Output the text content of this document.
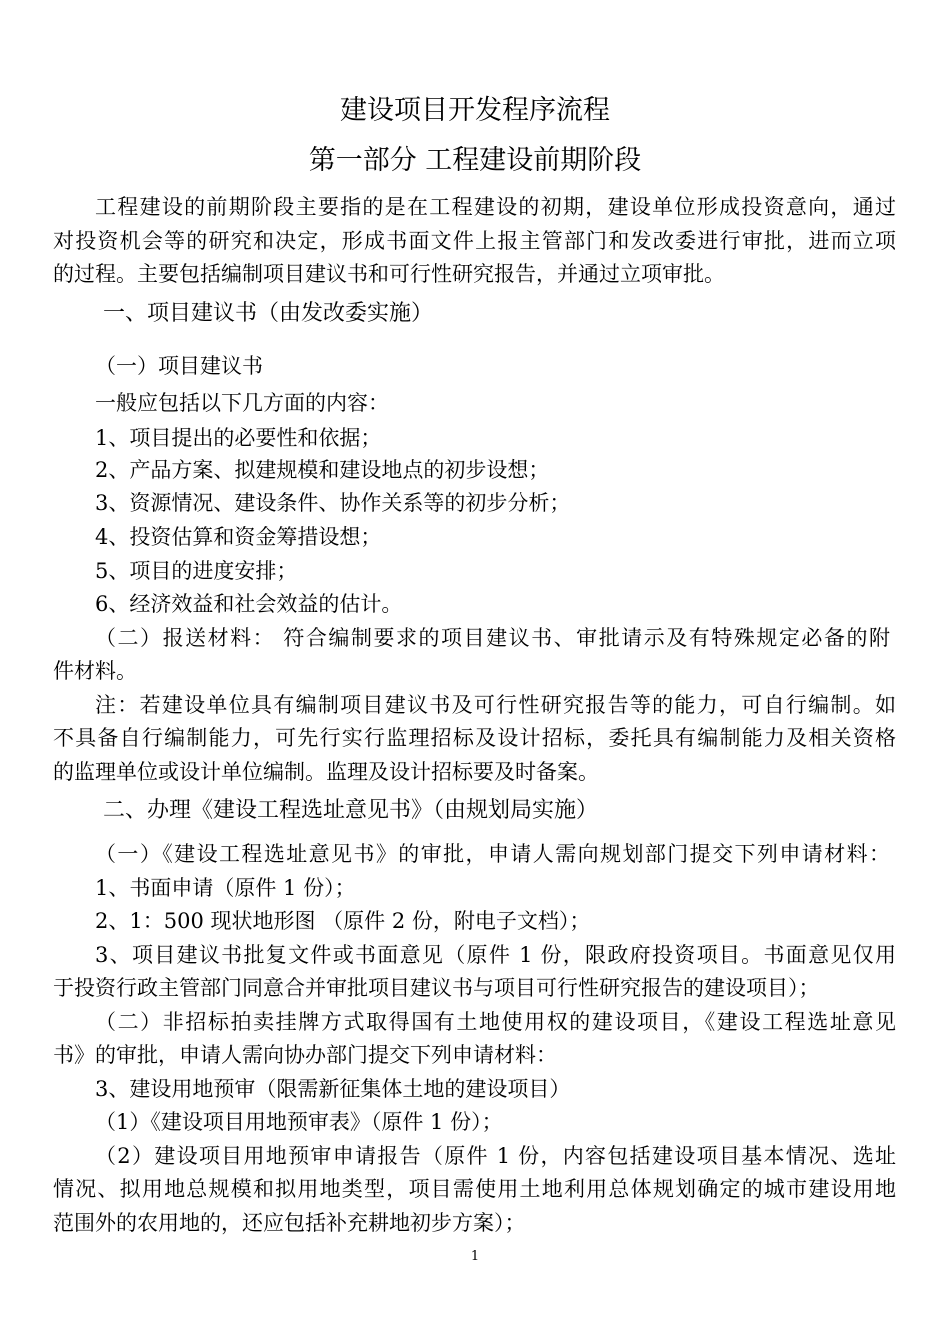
建设项目开发程序流程
第一部分 工程建设前期阶段
工程建设的前期阶段主要指的是在工程建设的初期，建设单位形成投资意向，通过
对投资机会等的研究和决定，形成书面文件上报主管部门和发改委进行审批，进而立项
的过程。主要包括编制项目建议书和可行性研究报告，并通过立项审批。
一、项目建议书（由发改委实施）
（一）项目建议书
一般应包括以下几方面的内容：
1、项目提出的必要性和依据；
2、产品方案、拟建规模和建设地点的初步设想；
3、资源情况、建设条件、协作关系等的初步分析；
4、投资估算和资金筹措设想；
5、项目的进度安排；
6、经济效益和社会效益的估计。
（二）报送材料： 符合编制要求的项目建议书、审批请示及有特殊规定必备的附
件材料。
注：若建设单位具有编制项目建议书及可行性研究报告等的能力，可自行编制。如
不具备自行编制能力，可先行实行监理招标及设计招标，委托具有编制能力及相关资格
的监理单位或设计单位编制。监理及设计招标要及时备案。
二、办理《建设工程选址意见书》（由规划局实施）
（一）《建设工程选址意见书》的审批，申请人需向规划部门提交下列申请材料：
1、书面申请（原件 1 份）；
2、1：500 现状地形图 （原件 2 份，附电子文档）；
3、项目建议书批复文件或书面意见（原件 1 份，限政府投资项目。书面意见仅用
于投资行政主管部门同意合并审批项目建议书与项目可行性研究报告的建设项目）；
（二）非招标拍卖挂牌方式取得国有土地使用权的建设项目，《建设工程选址意见
书》的审批，申请人需向协办部门提交下列申请材料：
3、建设用地预审（限需新征集体土地的建设项目）
（1）《建设项目用地预审表》（原件 1 份）；
（2）建设项目用地预审申请报告（原件 1 份，内容包括建设项目基本情况、选址
情况、拟用地总规模和拟用地类型，项目需使用土地利用总体规划确定的城市建设用地
范围外的农用地的，还应包括补充耕地初步方案）；
1
